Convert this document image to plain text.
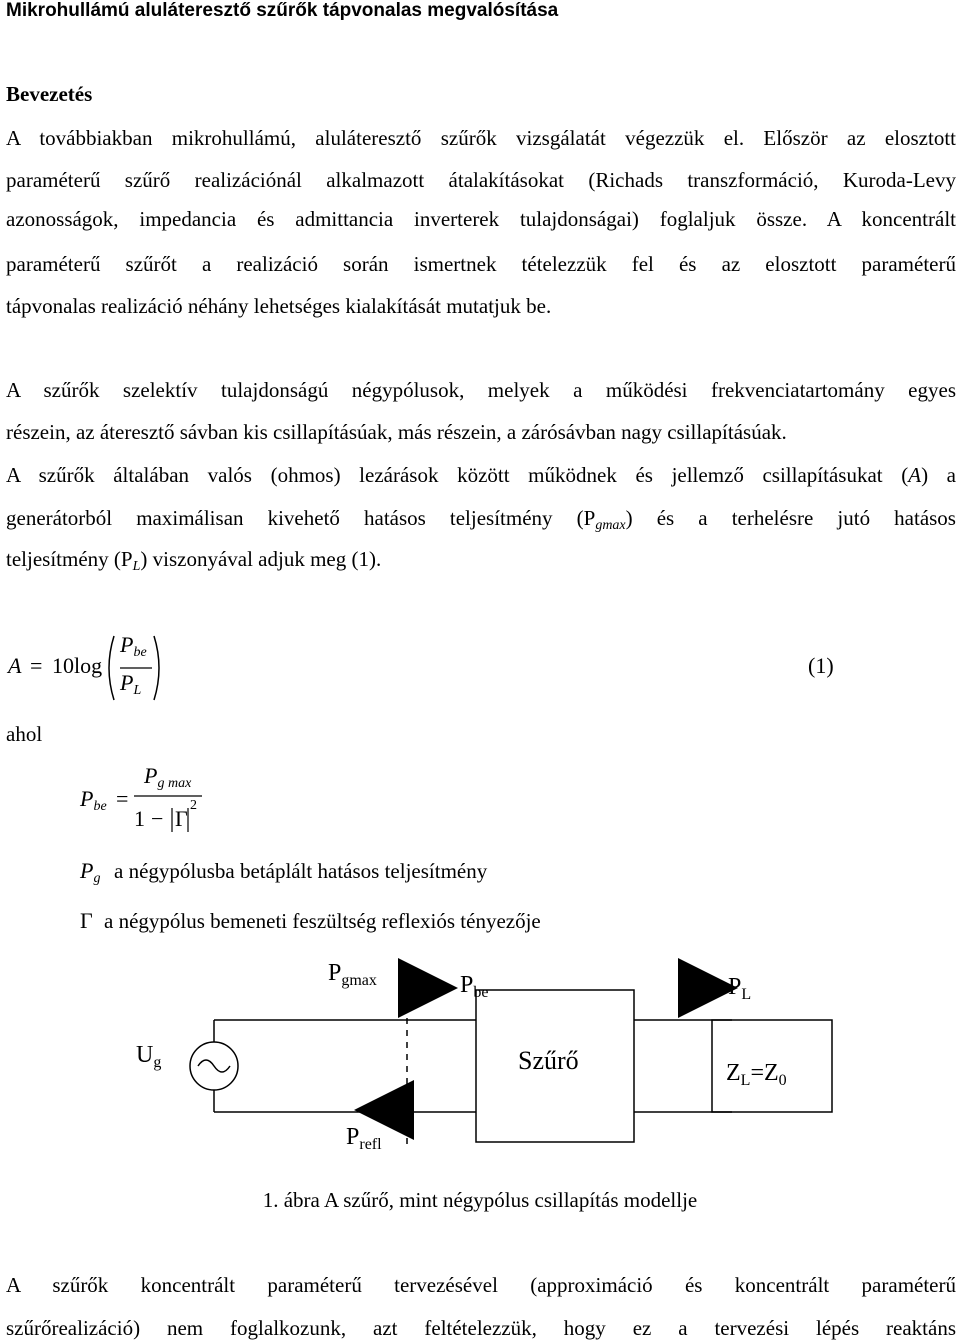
Mikrohullámú aluláteresztő szűrők tápvonalas megvalósítása
Bevezetés
A továbbiakban mikrohullámú, aluláteresztő szűrők vizsgálatát végezzük el. Először az elosztott
paraméterű szűrő realizációnál alkalmazott átalakításokat (Richads transzformáció, Kuroda-Levy
azonosságok, impedancia és admittancia inverterek tulajdonságai) foglaljuk össze. A koncentrált
paraméterű szűrőt a realizáció során ismertnek tételezzük fel és az elosztott paraméterű
tápvonalas realizáció néhány lehetséges kialakítását mutatjuk be.
A szűrők szelektív tulajdonságú négypólusok, melyek a működési frekvenciatartomány egyes
részein, az áteresztő sávban kis csillapításúak, más részein, a zárósávban nagy csillapításúak.
A szűrők általában valós (ohmos) lezárások között működnek és jellemző csillapításukat (A) a
generátorból maximálisan kivehető hatásos teljesítmény $(P_{gmax})$ és a terhelésre jutó hatásos
teljesítmény $(P_L)$ viszonyával adjuk meg (1).
A = 10log
$P_{be}$
$P_L$
(1)
ahol
$P_{be}$ =
$P_{g max}$
1 − Γ
2
$P_g$ a négypólusba betáplált hatásos teljesítmény
Γ a négypólus bemeneti feszültség reflexiós tényezője
$P_{gmax}$	$P_{be}$	$P_L$
$U_g$	Szűrő	$Z_L=Z_0$
$P_{refl}$
1. ábra A szűrő, mint négypólus csillapítás modellje
A szűrők koncentrált paraméterű tervezésével (approximáció és koncentrált paraméterű
szűrőrealizáció) nem foglalkozunk, azt feltételezzük, hogy ez a tervezési lépés reaktáns
